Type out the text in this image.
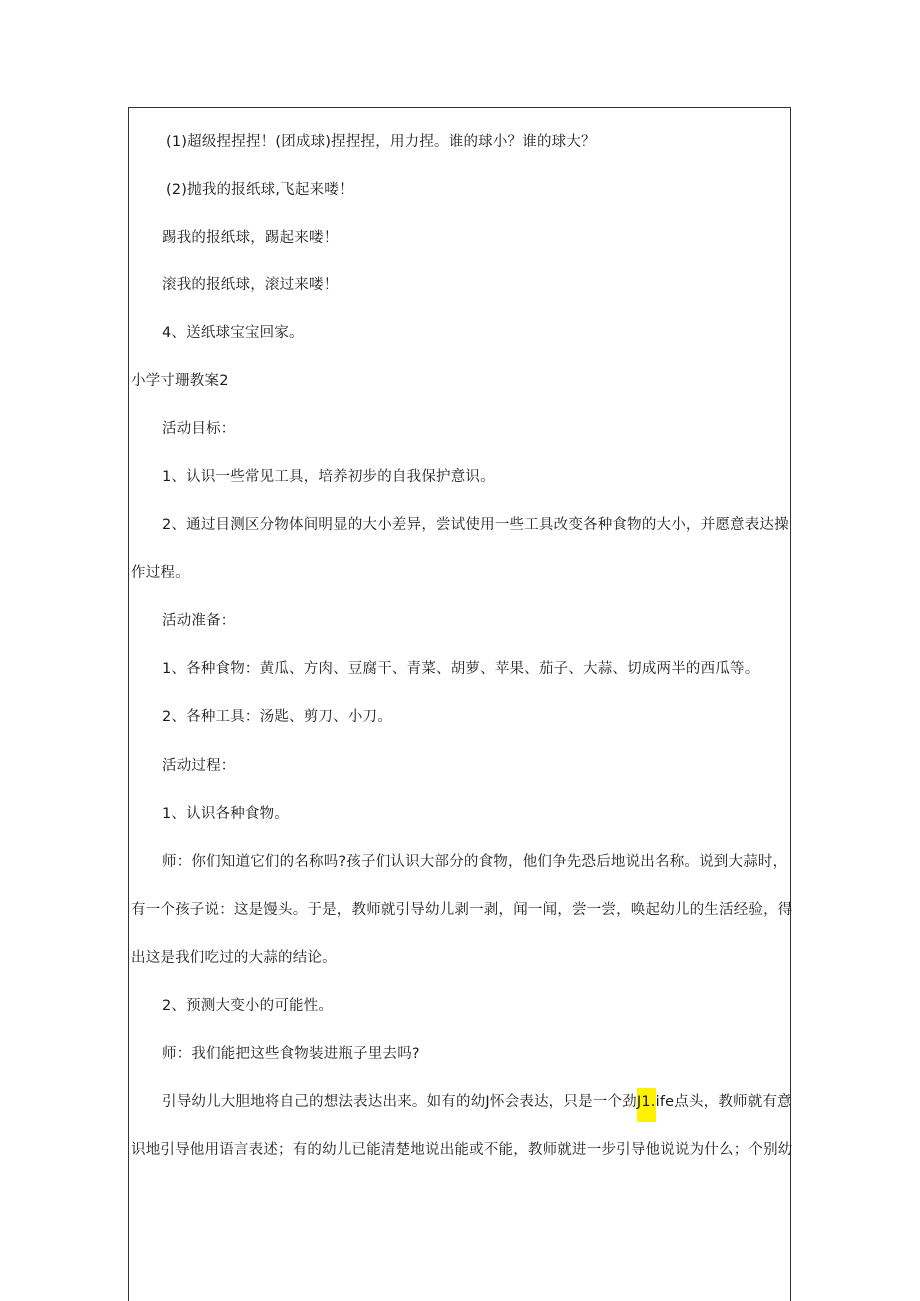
(1)超级捏捏捏！(团成球)捏捏捏，用力捏。谁的球小？谁的球大？
(2)抛我的报纸球,飞起来喽！
踢我的报纸球，踢起来喽！
滚我的报纸球，滚过来喽！
4、送纸球宝宝回家。
小学寸珊教案2
活动目标：
1、认识一些常见工具，培养初步的自我保护意识。
2、通过目测区分物体间明显的大小差异，尝试使用一些工具改变各种食物的大小，并愿意表达操
作过程。
活动准备：
1、各种食物：黄瓜、方肉、豆腐干、青菜、胡萝、苹果、茄子、大蒜、切成两半的西瓜等。
2、各种工具：汤匙、剪刀、小刀。
活动过程：
1、认识各种食物。
师：你们知道它们的名称吗?孩子们认识大部分的食物，他们争先恐后地说出名称。说到大蒜时，
有一个孩子说：这是馒头。于是，教师就引导幼儿剥一剥，闻一闻，尝一尝，唤起幼儿的生活经验，得
出这是我们吃过的大蒜的结论。
2、预测大变小的可能性。
师：我们能把这些食物装进瓶子里去吗?
引导幼儿大胆地将自己的想法表达出来。如有的幼J怀会表达，只是一个劲J1.ife点头，教师就有意
识地引导他用语言表述；有的幼儿已能清楚地说出能或不能，教师就进一步引导他说说为什么；个别幼
